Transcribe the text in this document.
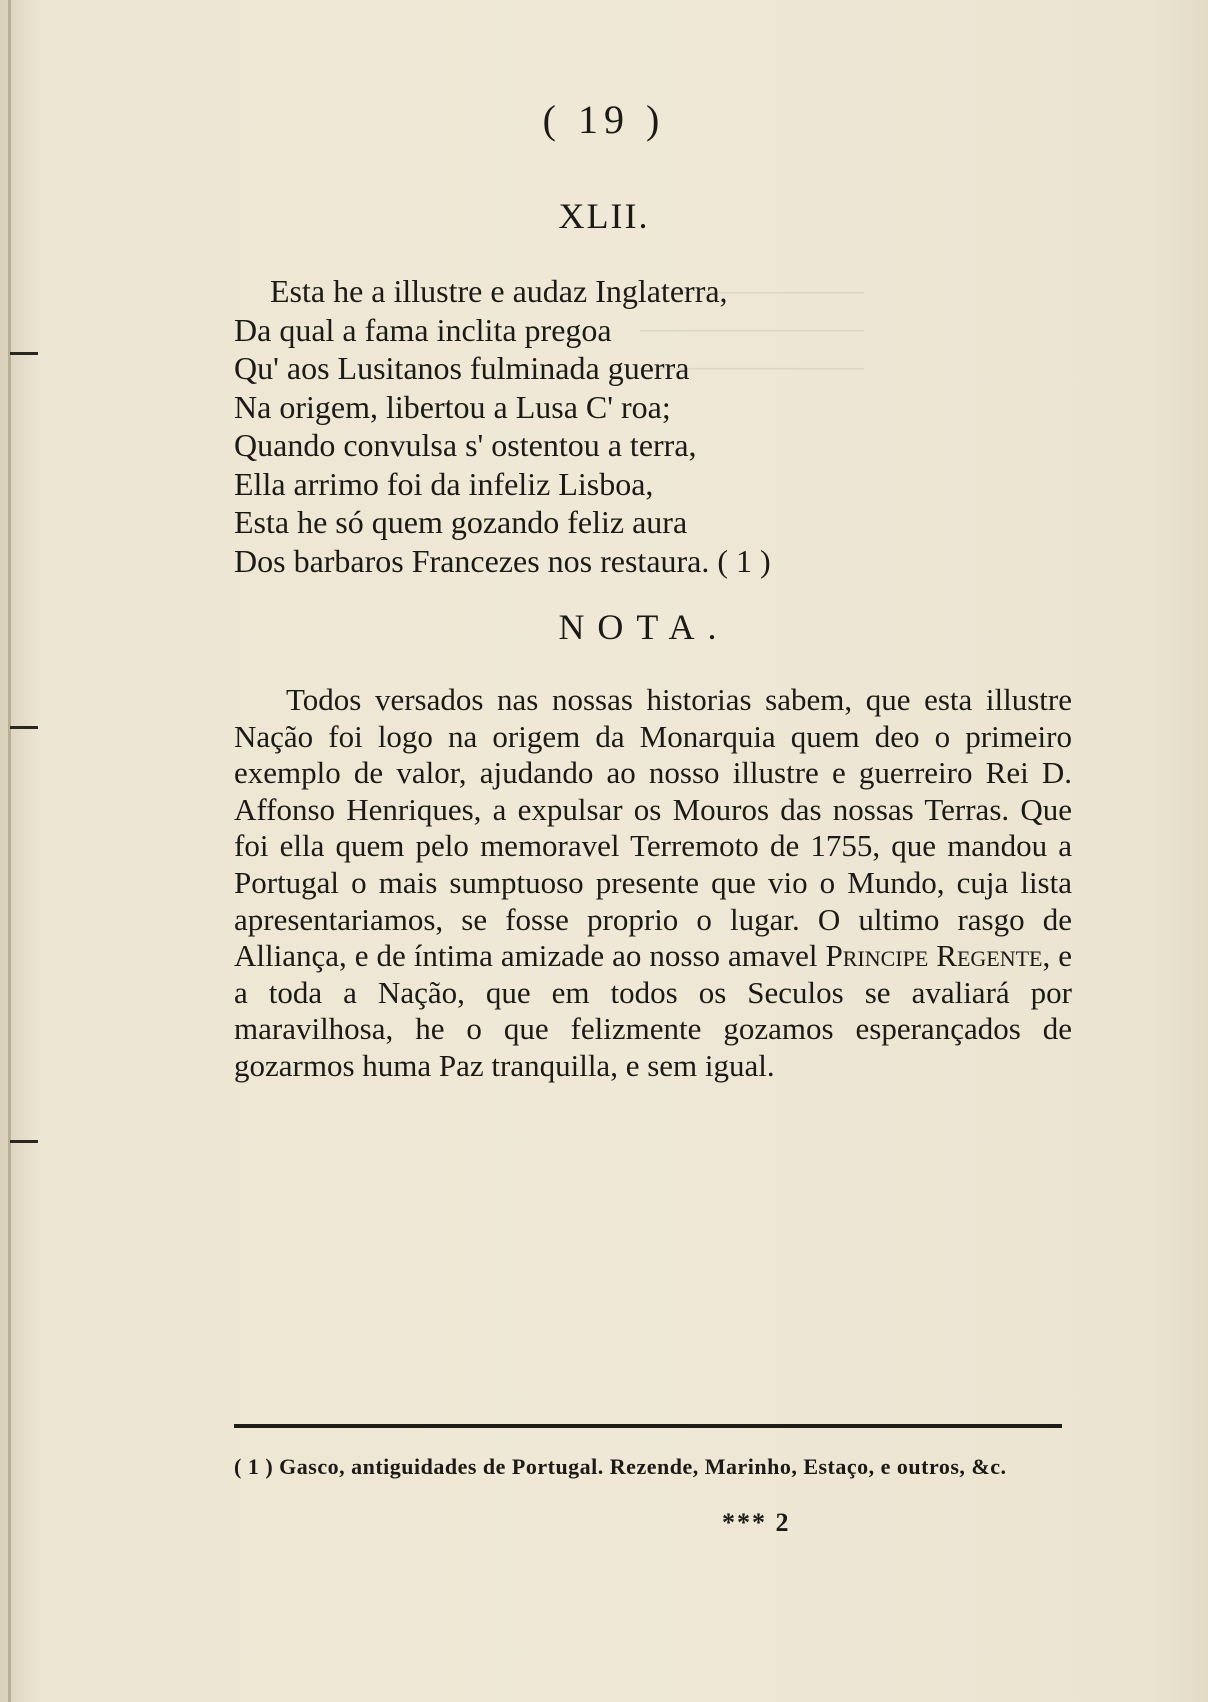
——————
———————
———————
( 19 )
XLII.
Esta he a illustre e audaz Inglaterra,
Da qual a fama inclita pregoa
Qu' aos Lusitanos fulminada guerra
Na origem, libertou a Lusa C' roa;
Quando convulsa s' ostentou a terra,
Ella arrimo foi da infeliz Lisboa,
Esta he só quem gozando feliz aura
Dos barbaros Francezes nos restaura. ( 1 )
NOTA.
Todos versados nas nossas historias sabem, que esta illustre Nação foi logo na origem da Monarquia quem deo o primeiro exemplo de valor, ajudando ao nosso illustre e guerreiro Rei D. Affonso Henriques, a expulsar os Mouros das nossas Terras. Que foi ella quem pelo memoravel Terremoto de 1755, que mandou a Portugal o mais sumptuoso presente que vio o Mundo, cuja lista apresentariamos, se fosse proprio o lugar. O ultimo rasgo de Alliança, e de íntima amizade ao nosso amavel Principe Regente, e a toda a Nação, que em todos os Seculos se avaliará por maravilhosa, he o que felizmente gozamos esperançados de gozarmos huma Paz tranquilla, e sem igual.
( 1 ) Gasco, antiguidades de Portugal. Rezende, Marinho, Estaço, e outros, &c.
*** 2
